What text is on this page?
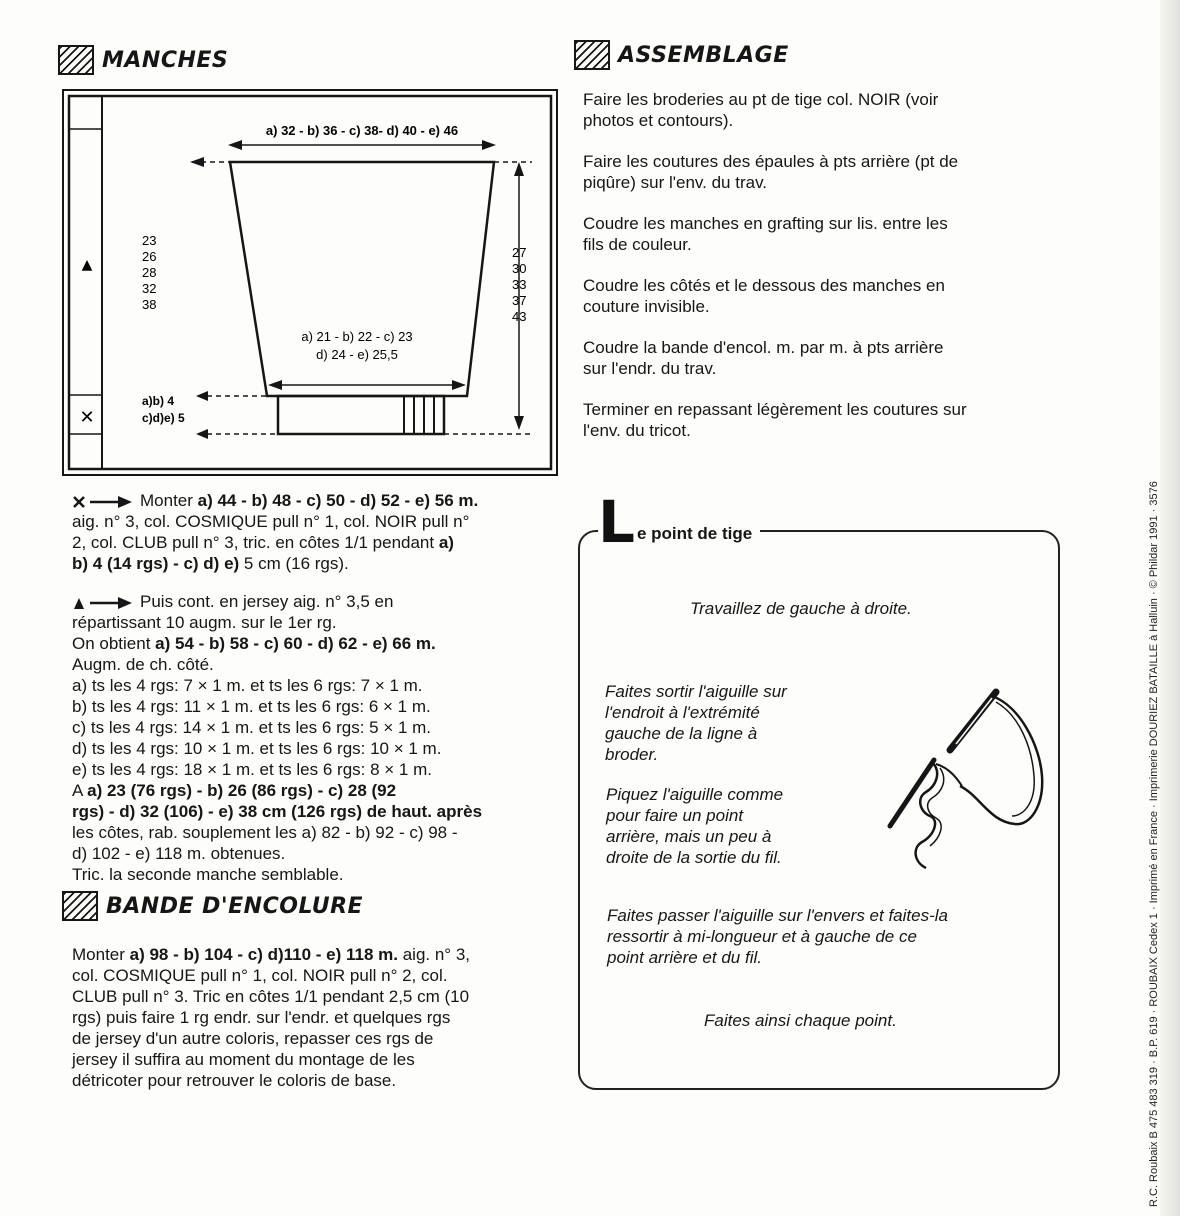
MANCHES
▲
✕
a) 32 - b) 36 - c) 38- d) 40 - e) 46
a) 21 - b) 22 - c) 23
d) 24 - e) 25,5
a)b) 4
c)d)e) 5
23
26
28
32
38
27
30
33
37
43

Monter a) 44 - b) 48 - c) 50 - d) 52 - e) 56 m.

aig. n° 3, col. COSMIQUE pull n° 1, col. NOIR pull n°

2, col. CLUB pull n° 3, tric. en côtes 1/1 pendant a)

b) 4 (14 rgs) - c) d) e) 5 cm (16 rgs).

Puis cont. en jersey aig. n° 3,5 en

répartissant 10 augm. sur le 1er rg.

On obtient a) 54 - b) 58 - c) 60 - d) 62 - e) 66 m.

Augm. de ch. côté.

a) ts les 4 rgs: 7 × 1 m. et ts les 6 rgs: 7 × 1 m.

b) ts les 4 rgs: 11 × 1 m. et ts les 6 rgs: 6 × 1 m.

c) ts les 4 rgs: 14 × 1 m. et ts les 6 rgs: 5 × 1 m.

d) ts les 4 rgs: 10 × 1 m. et ts les 6 rgs: 10 × 1 m.

e) ts les 4 rgs: 18 × 1 m. et ts les 6 rgs: 8 × 1 m.

A a) 23 (76 rgs) - b) 26 (86 rgs) - c) 28 (92

rgs) - d) 32 (106) - e) 38 cm (126 rgs) de haut. après

les côtes, rab. souplement les a) 82 - b) 92 - c) 98 -

d) 102 - e) 118 m. obtenues.

Tric. la seconde manche semblable.

BANDE D'ENCOLURE

Monter a) 98 - b) 104 - c) d)110 - e) 118 m. aig. n° 3,

col. COSMIQUE pull n° 1, col. NOIR pull n° 2, col.

CLUB pull n° 3. Tric en côtes 1/1 pendant 2,5 cm (10

rgs) puis faire 1 rg endr. sur l'endr. et quelques rgs

de jersey d'un autre coloris, repasser ces rgs de

jersey il suffira au moment du montage de les

détricoter pour retrouver le coloris de base.

ASSEMBLAGE

Faire les broderies au pt de tige col. NOIR (voir

photos et contours).

Faire les coutures des épaules à pts arrière (pt de

piqûre) sur l'env. du trav.

Coudre les manches en grafting sur lis. entre les

fils de couleur.

Coudre les côtés et le dessous des manches en

couture invisible.

Coudre la bande d'encol. m. par m. à pts arrière

sur l'endr. du trav.

Terminer en repassant légèrement les coutures sur

l'env. du tricot.

L e point de tige
Travaillez de gauche à droite.

Faites sortir l'aiguille sur

l'endroit à l'extrémité

gauche de la ligne à

broder.

Piquez l'aiguille comme

pour faire un point

arrière, mais un peu à

droite de la sortie du fil.

Faites passer l'aiguille sur l'envers et faites-la

ressortir à mi-longueur et à gauche de ce

point arrière et du fil.

Faites ainsi chaque point.	R.C. Roubaix B 475 483 319 · B.P. 619 · ROUBAIX Cedex 1 · Imprimé en France · Imprimerie DOURIEZ BATAILLE à Halluin · © Phildar 1991 · 3576
